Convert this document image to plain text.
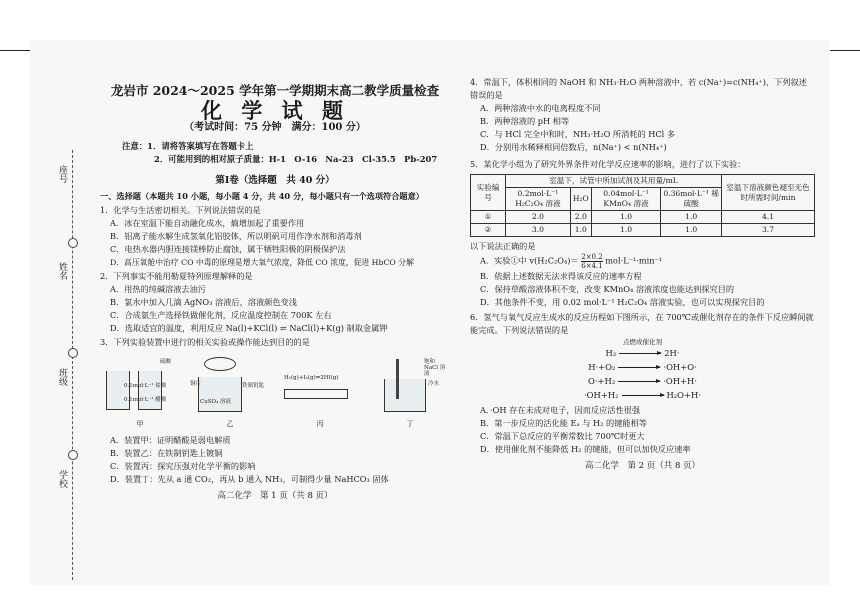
座号
姓名
班级
学校
龙岩市 2024～2025 学年第一学期期末高二教学质量检查
化 学 试 题
（考试时间：75 分钟　满分：100 分）
注意：1．请将答案填写在答题卡上
2．可能用到的相对原子质量：H-1　O-16　Na-23　Cl-35.5　Pb-207
第Ⅰ卷（选择题　共 40 分）
一、选择题（本题共 10 小题，每小题 4 分，共 40 分，每小题只有一个选项符合题意）
1．化学与生活密切相关。下列说法错误的是
A．冰在室温下能自动融化成水，熵增加起了重要作用
B．铝离子能水解生成氢氧化铝胶体，所以明矾可用作净水剂和消毒剂
C．电热水器内胆连接镁棒防止腐蚀，属于牺牲阳极的阴极保护法
D．高压氧舱中治疗 CO 中毒的原理是增大氧气浓度，降低 CO 浓度，促进 HbCO 分解
2．下列事实不能用勒夏特列原理解释的是
A．用热的纯碱溶液去油污
B．氯水中加入几滴 AgNO₃ 溶液后，溶液颜色变浅
C．合成氨生产选择铁做催化剂，反应温度控制在 700K 左右
D．选取适宜的温度，利用反应 Na(l)+KCl(l) ⇌ NaCl(l)+K(g) 制取金属钾
3．下列实验装置中进行的相关实验或操作能达到目的的是
硫酸
0.1mol·L⁻¹ 盐酸
0.1mol·L⁻¹ 醋酸
甲
铜片	铁制钥匙
CuSO₄ 溶液
乙
H₂(g)+I₂(g)⇌2HI(g)
丙
饱和 NaCl 溶液
冷水
丁
A．装置甲：证明醋酸是弱电解质
B．装置乙：在铁制钥匙上镀铜
C．装置丙：探究压强对化学平衡的影响
D．装置丁：先从 a 通 CO₂，再从 b 通入 NH₃，可制得少量 NaHCO₃ 固体
高二化学　第 1 页（共 8 页）
4．常温下，体积相同的 NaOH 和 NH₃·H₂O 两种溶液中，若 c(Na⁺)=c(NH₄⁺)，下列叙述错误的是
A．两种溶液中水的电离程度不同
B．两种溶液的 pH 相等
C．与 HCl 完全中和时，NH₃·H₂O 所消耗的 HCl 多
D．分别用水稀释相同倍数后，n(Na⁺) < n(NH₄⁺)
5．某化学小组为了研究外界条件对化学反应速率的影响，进行了以下实验：
实验编号	室温下，试管中所加试剂及其用量/mL				室温下溶液颜色褪至无色时所需时间/min
	0.2mol·L⁻¹ H₂C₂O₄ 溶液	H₂O	0.04mol·L⁻¹ KMnO₄ 溶液	0.36mol·L⁻¹ 稀硫酸	
①	2.0	2.0	1.0	1.0	4.1
②	3.0	1.0	1.0	1.0	3.7
以下说法正确的是
A．实验①中 $v(H_2C_2O_4)= \frac{2\times 0.2}{6\times 4.1} mol\cdot L^{-1}\cdot\min^{-1}$
B．依据上述数据无法求得该反应的速率方程
C．保持草酸溶液体积不变，改变 KMnO₄ 溶液浓度也能达到探究目的
D．其他条件不变，用 0.02 mol·L⁻¹ H₂C₂O₄ 溶液实验，也可以实现探究目的
6．氢气与氧气反应生成水的反应历程如下图所示，在 700℃或催化剂存在的条件下反应瞬间就能完成。下列说法错误的是
点燃或催化剂
H₂	2H·
H·+O₂	·OH+O·
O·+H₂	·OH+H·
·OH+H₂	H₂O+H·
A．·OH 存在未成对电子，因而反应活性很强
B．第一步反应的活化能 Eₐ 与 H₂ 的键能相等
C．常温下总反应的平衡常数比 700℃时更大
D．使用催化剂不能降低 H₂ 的键能，但可以加快反应速率
高二化学　第 2 页（共 8 页）
